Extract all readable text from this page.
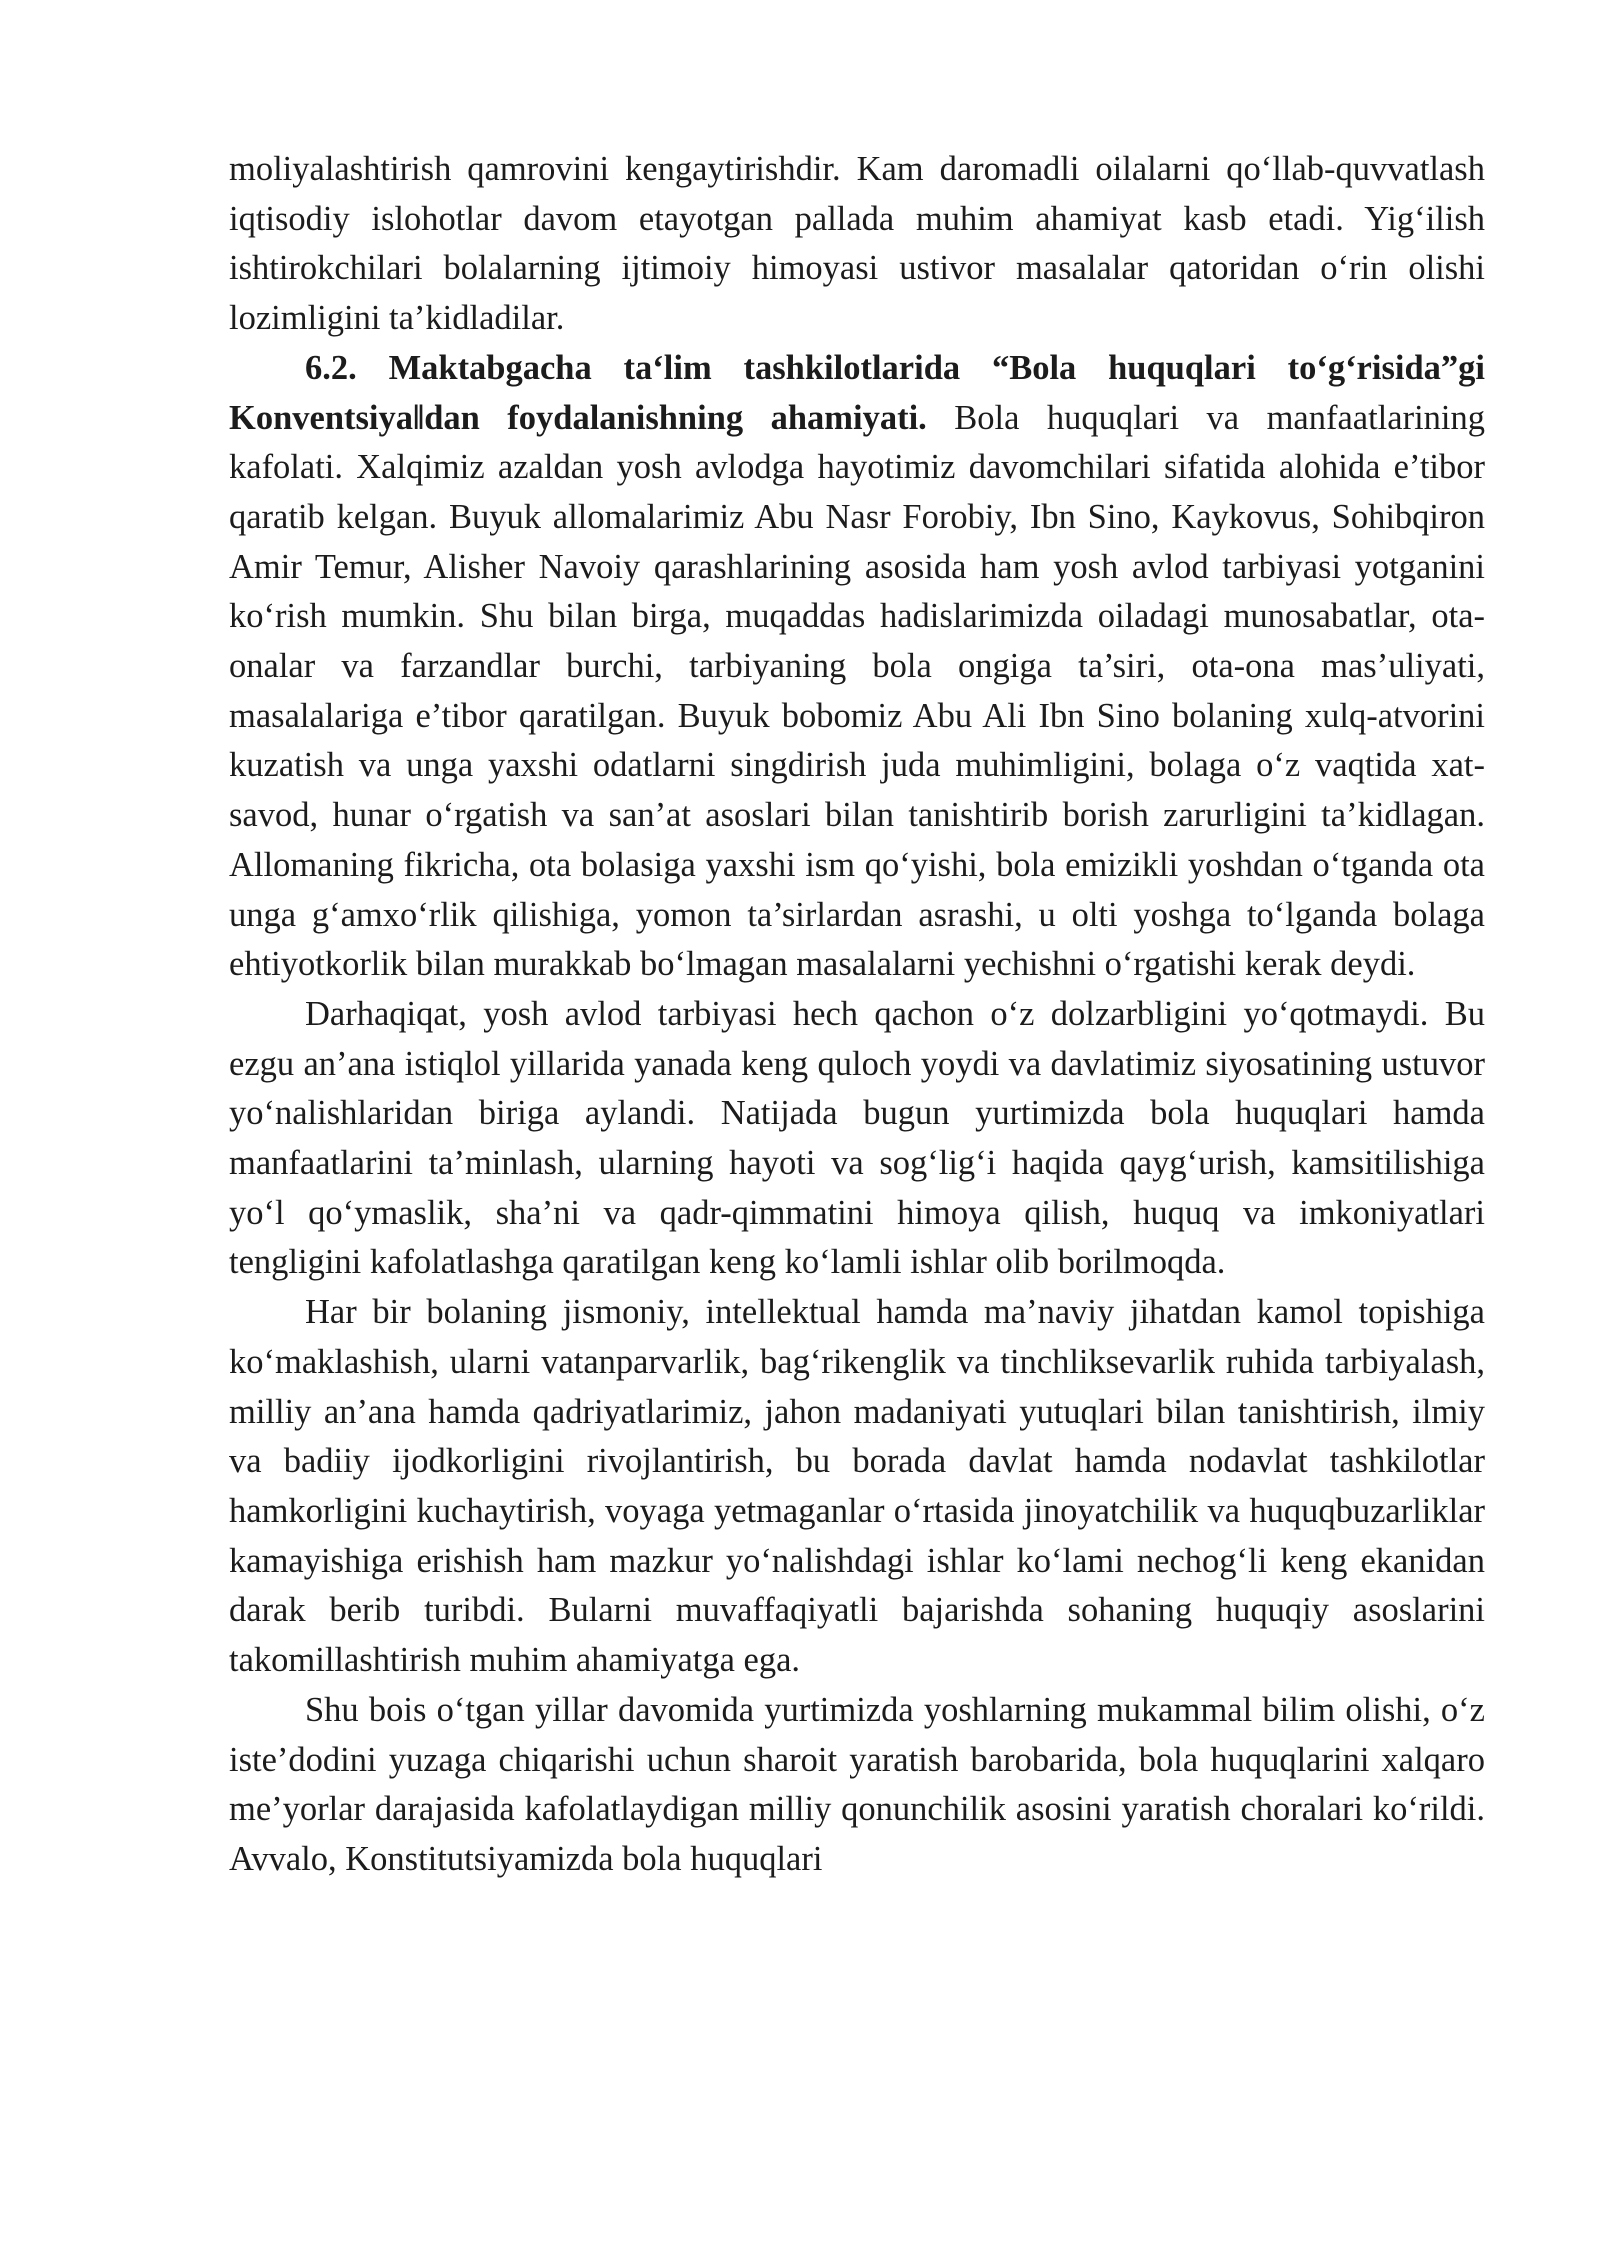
moliyalashtirish qamrovini kengaytirishdir. Kam daromadli oilalarni qo‘llab-quvvatlash iqtisodiy islohotlar davom etayotgan pallada muhim ahamiyat kasb etadi. Yig‘ilish ishtirokchilari bolalarning ijtimoiy himoyasi ustivor masalalar qatoridan o‘rin olishi lozimligini ta’kidladilar.

6.2. Maktabgacha ta‘lim tashkilotlarida “Bola huquqlari to‘g‘risida”gi Konventsiya‖dan foydalanishning ahamiyati. Bola huquqlari va manfaatlarining kafolati. Xalqimiz azaldan yosh avlodga hayotimiz davomchilari sifatida alohida e’tibor qaratib kelgan. Buyuk allomalarimiz Abu Nasr Forobiy, Ibn Sino, Kaykovus, Sohibqiron Amir Temur, Alisher Navoiy qarashlarining asosida ham yosh avlod tarbiyasi yotganini ko‘rish mumkin. Shu bilan birga, muqaddas hadislarimizda oiladagi munosabatlar, ota-onalar va farzandlar burchi, tarbiyaning bola ongiga ta’siri, ota-ona mas’uliyati, masalalariga e’tibor qaratilgan. Buyuk bobomiz Abu Ali Ibn Sino bolaning xulq-atvorini kuzatish va unga yaxshi odatlarni singdirish juda muhimligini, bolaga o‘z vaqtida xat-savod, hunar o‘rgatish va san’at asoslari bilan tanishtirib borish zarurligini ta’kidlagan. Allomaning fikricha, ota bolasiga yaxshi ism qo‘yishi, bola emizikli yoshdan o‘tganda ota unga g‘amxo‘rlik qilishiga, yomon ta’sirlardan asrashi, u olti yoshga to‘lganda bolaga ehtiyotkorlik bilan murakkab bo‘lmagan masalalarni yechishni o‘rgatishi kerak deydi.

Darhaqiqat, yosh avlod tarbiyasi hech qachon o‘z dolzarbligini yo‘qotmaydi. Bu ezgu an’ana istiqlol yillarida yanada keng quloch yoydi va davlatimiz siyosatining ustuvor yo‘nalishlaridan biriga aylandi. Natijada bugun yurtimizda bola huquqlari hamda manfaatlarini ta’minlash, ularning hayoti va sog‘lig‘i haqida qayg‘urish, kamsitilishiga yo‘l qo‘ymaslik, sha’ni va qadr-qimmatini himoya qilish, huquq va imkoniyatlari tengligini kafolatlashga qaratilgan keng ko‘lamli ishlar olib borilmoqda.

Har bir bolaning jismoniy, intellektual hamda ma’naviy jihatdan kamol topishiga ko‘maklashish, ularni vatanparvarlik, bag‘rikenglik va tinchliksevarlik ruhida tarbiyalash, milliy an’ana hamda qadriyatlarimiz, jahon madaniyati yutuqlari bilan tanishtirish, ilmiy va badiiy ijodkorligini rivojlantirish, bu borada davlat hamda nodavlat tashkilotlar hamkorligini kuchaytirish, voyaga yetmaganlar o‘rtasida jinoyatchilik va huquqbuzarliklar kamayishiga erishish ham mazkur yo‘nalishdagi ishlar ko‘lami nechog‘li keng ekanidan darak berib turibdi. Bularni muvaffaqiyatli bajarishda sohaning huquqiy asoslarini takomillashtirish muhim ahamiyatga ega.

Shu bois o‘tgan yillar davomida yurtimizda yoshlarning mukammal bilim olishi, o‘z iste’dodini yuzaga chiqarishi uchun sharoit yaratish barobarida, bola huquqlarini xalqaro me’yorlar darajasida kafolatlaydigan milliy qonunchilik asosini yaratish choralari ko‘rildi. Avvalo, Konstitutsiyamizda bola huquqlari
